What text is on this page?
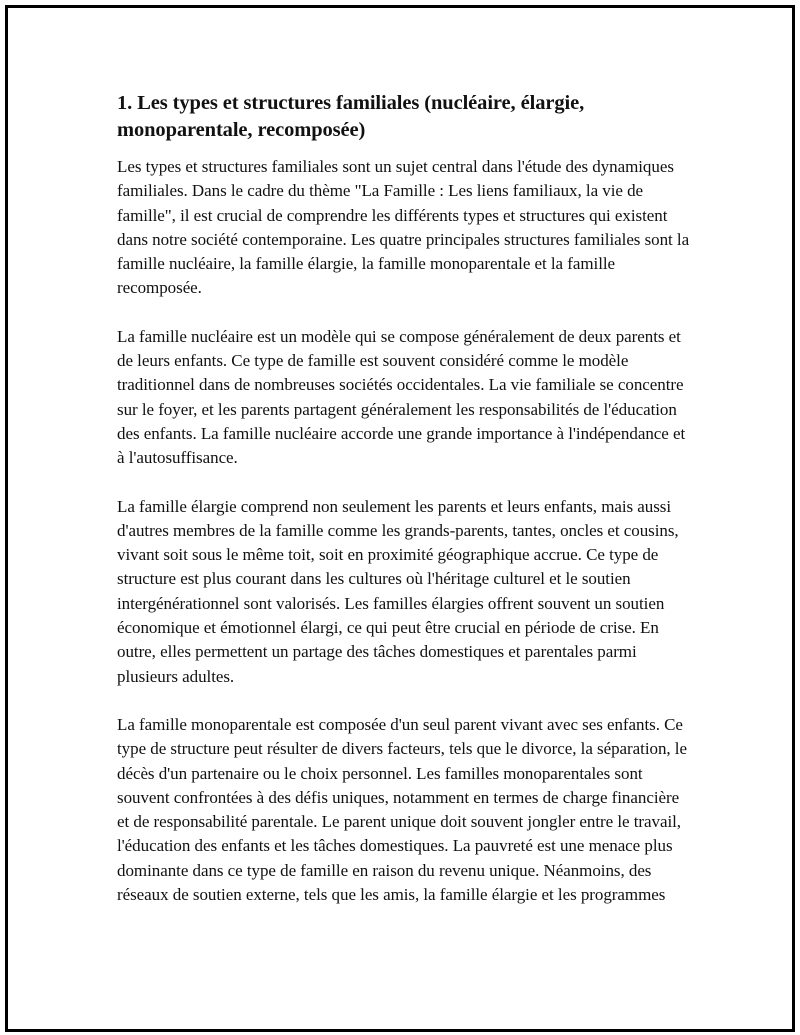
1. Les types et structures familiales (nucléaire, élargie, monoparentale, recomposée)

Les types et structures familiales sont un sujet central dans l'étude des dynamiques familiales. Dans le cadre du thème "La Famille : Les liens familiaux, la vie de famille", il est crucial de comprendre les différents types et structures qui existent dans notre société contemporaine. Les quatre principales structures familiales sont la famille nucléaire, la famille élargie, la famille monoparentale et la famille recomposée.

La famille nucléaire est un modèle qui se compose généralement de deux parents et de leurs enfants. Ce type de famille est souvent considéré comme le modèle traditionnel dans de nombreuses sociétés occidentales. La vie familiale se concentre sur le foyer, et les parents partagent généralement les responsabilités de l'éducation des enfants. La famille nucléaire accorde une grande importance à l'indépendance et à l'autosuffisance.

La famille élargie comprend non seulement les parents et leurs enfants, mais aussi d'autres membres de la famille comme les grands-parents, tantes, oncles et cousins, vivant soit sous le même toit, soit en proximité géographique accrue. Ce type de structure est plus courant dans les cultures où l'héritage culturel et le soutien intergénérationnel sont valorisés. Les familles élargies offrent souvent un soutien économique et émotionnel élargi, ce qui peut être crucial en période de crise. En outre, elles permettent un partage des tâches domestiques et parentales parmi plusieurs adultes.

La famille monoparentale est composée d'un seul parent vivant avec ses enfants. Ce type de structure peut résulter de divers facteurs, tels que le divorce, la séparation, le décès d'un partenaire ou le choix personnel. Les familles monoparentales sont souvent confrontées à des défis uniques, notamment en termes de charge financière et de responsabilité parentale. Le parent unique doit souvent jongler entre le travail, l'éducation des enfants et les tâches domestiques. La pauvreté est une menace plus dominante dans ce type de famille en raison du revenu unique. Néanmoins, des réseaux de soutien externe, tels que les amis, la famille élargie et les programmes
